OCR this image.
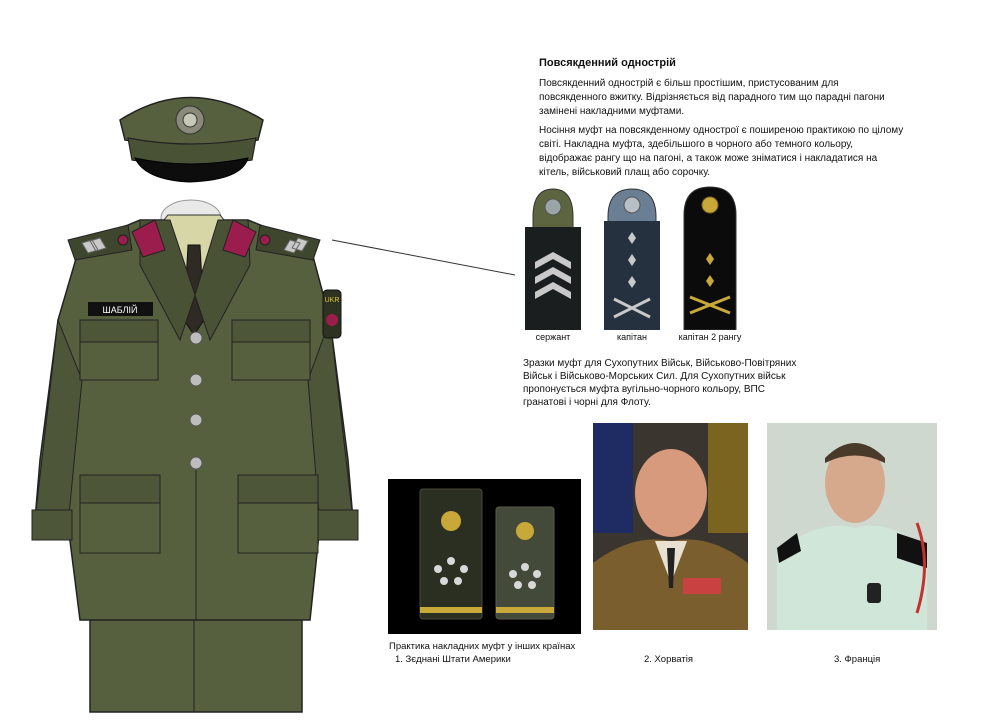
ШАБЛІЙ
UKR
Повсякденний однострій
Повсякденний однострій є більш простішим, пристусованим для повсякденного вжитку. Відрізняється від парадного тим що парадні пагони замінені накладними муфтами.
Носіння муфт на повсякденному однострої є поширеною практикою по цілому світі. Накладна муфта, здебільшого в чорного або темного кольору, відображає рангу що на пагоні, а також може зніматися і накладатися на кітель, військовий плащ або сорочку.
сержант	капітан	капітан 2 рангу
Зразки муфт для Сухопутних Військ, Військово-Повітряних Військ і Військово-Морських Сил. Для Сухопутних військ пропонується муфта вугільно-чорного кольору, ВПС гранатові і чорні для Флоту.
Практика накладних муфт у інших країнах
1. Зєднані Штати Америки	2. Хорватія	3. Франція
